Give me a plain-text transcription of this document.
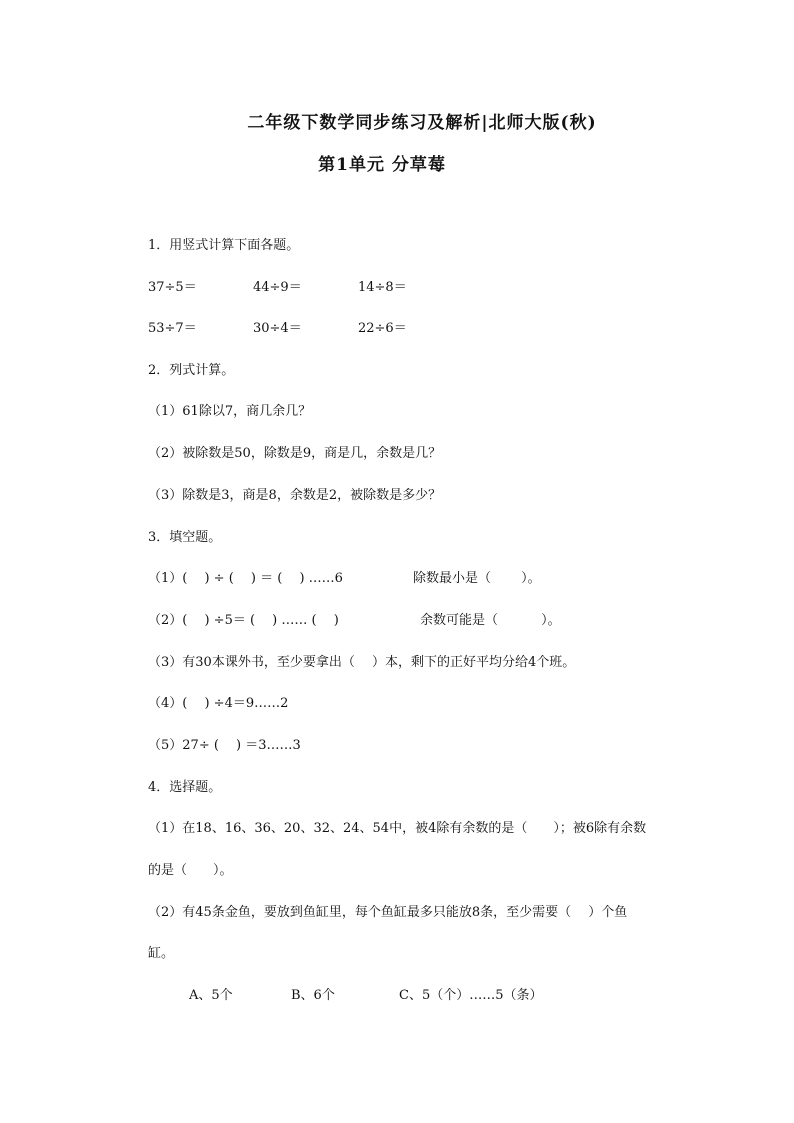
二年级下数学同步练习及解析|北师大版(秋)
第1单元 分草莓
1．用竖式计算下面各题。
37÷5＝	44÷9＝	14÷8＝
53÷7＝	30÷4＝	22÷6＝
2．列式计算。
（1）61除以7，商几余几？
（2）被除数是50，除数是9，商是几，余数是几？
（3）除数是3，商是8，余数是2，被除数是多少？
3．填空题。
（1）(　 ) ÷ (　 ) ＝ (　 ) ……6	除数最小是（　　 ）。
（2）(　 ) ÷5＝ (　 ) …… (　 )	余数可能是（　　　 ）。
（3）有30本课外书，至少要拿出（　 ）本，剩下的正好平均分给4个班。
（4）(　 ) ÷4＝9……2
（5）27÷ (　 ) ＝3……3
4．选择题。
（1）在18、16、36、20、32、24、54中，被4除有余数的是（　　）；被6除有余数
的是（　　）。
（2）有45条金鱼，要放到鱼缸里，每个鱼缸最多只能放8条，至少需要（　 ）个鱼
缸。
A、5个	B、6个	C、5（个）……5（条）
